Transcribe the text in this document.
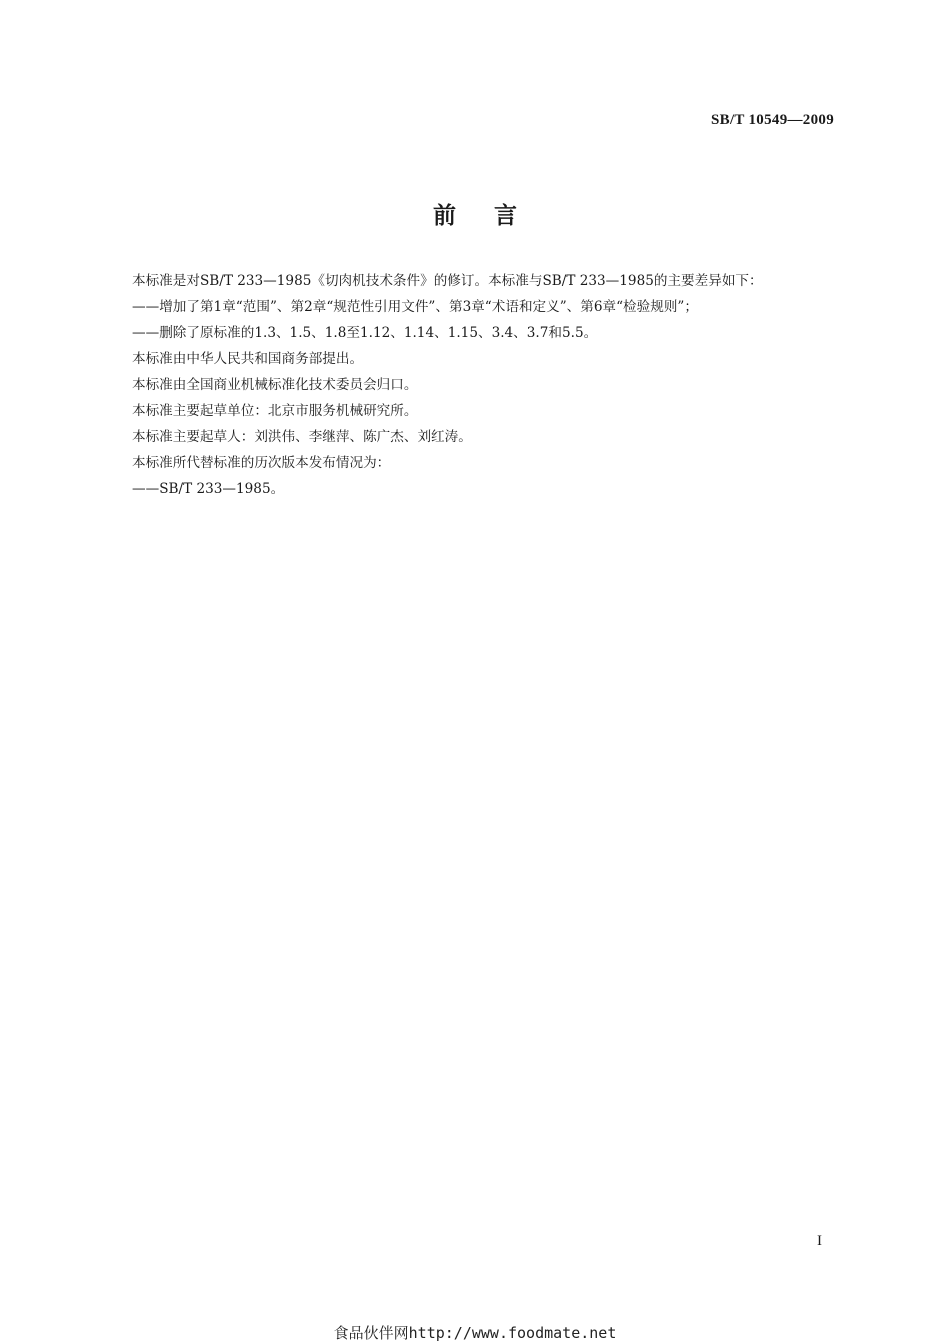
SB/T 10549—2009
前言

本标准是对SB/T 233—1985《切肉机技术条件》的修订。本标准与SB/T 233—1985的主要差异如下：

——增加了第1章“范围”、第2章“规范性引用文件”、第3章“术语和定义”、第6章“检验规则”；

——删除了原标准的1.3、1.5、1.8至1.12、1.14、1.15、3.4、3.7和5.5。

本标准由中华人民共和国商务部提出。

本标准由全国商业机械标准化技术委员会归口。

本标准主要起草单位：北京市服务机械研究所。

本标准主要起草人：刘洪伟、李继萍、陈广杰、刘红涛。

本标准所代替标准的历次版本发布情况为：

——SB/T 233—1985。

I
食品伙伴网http://www.foodmate.net
